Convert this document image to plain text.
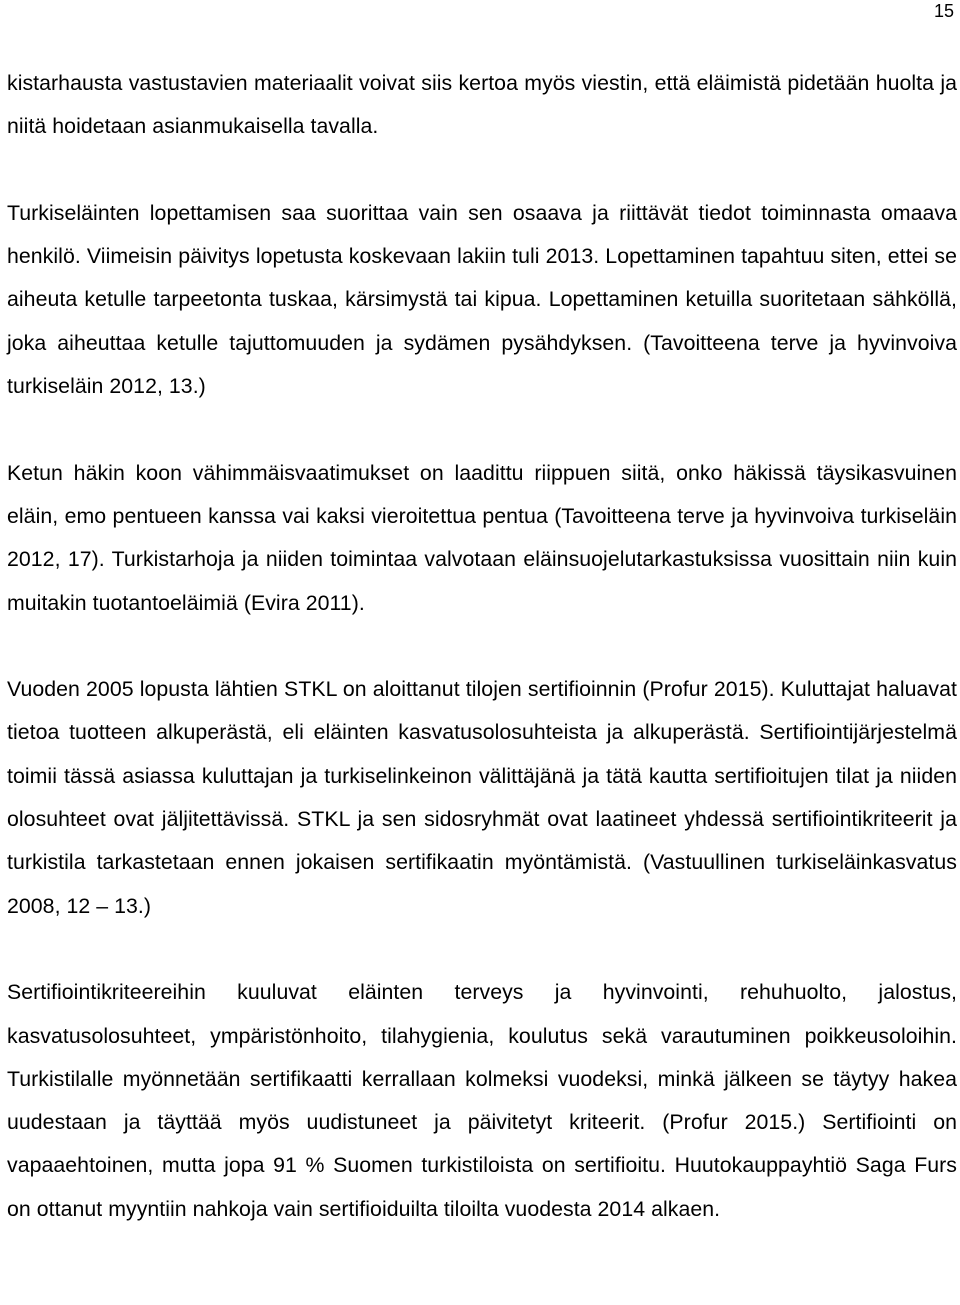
15

kistarhausta vastustavien materiaalit voivat siis kertoa myös viestin, että eläimistä pidetään huolta ja niitä hoidetaan asianmukaisella tavalla.

Turkiseläinten lopettamisen saa suorittaa vain sen osaava ja riittävät tiedot toiminnasta omaava henkilö. Viimeisin päivitys lopetusta koskevaan lakiin tuli 2013. Lopettaminen tapahtuu siten, ettei se aiheuta ketulle tarpeetonta tuskaa, kärsimystä tai kipua. Lopettaminen ketuilla suoritetaan sähköllä, joka aiheuttaa ketulle tajuttomuuden ja sydämen pysähdyksen. (Tavoitteena terve ja hyvinvoiva turkiseläin 2012, 13.)

Ketun häkin koon vähimmäisvaatimukset on laadittu riippuen siitä, onko häkissä täysikasvuinen eläin, emo pentueen kanssa vai kaksi vieroitettua pentua (Tavoitteena terve ja hyvinvoiva turkiseläin 2012, 17). Turkistarhoja ja niiden toimintaa valvotaan eläinsuojelutarkastuksissa vuosittain niin kuin muitakin tuotantoeläimiä (Evira 2011).

Vuoden 2005 lopusta lähtien STKL on aloittanut tilojen sertifioinnin (Profur 2015). Kuluttajat haluavat tietoa tuotteen alkuperästä, eli eläinten kasvatusolosuhteista ja alkuperästä. Sertifiointijärjestelmä toimii tässä asiassa kuluttajan ja turkiselinkeinon välittäjänä ja tätä kautta sertifioitujen tilat ja niiden olosuhteet ovat jäljitettävissä. STKL ja sen sidosryhmät ovat laatineet yhdessä sertifiointikriteerit ja turkistila tarkastetaan ennen jokaisen sertifikaatin myöntämistä. (Vastuullinen turkiseläinkasvatus 2008, 12 – 13.)

Sertifiointikriteereihin kuuluvat eläinten terveys ja hyvinvointi, rehuhuolto, jalostus, kasvatusolosuhteet, ympäristönhoito, tilahygienia, koulutus sekä varautuminen poikkeusoloihin. Turkistilalle myönnetään sertifikaatti kerrallaan kolmeksi vuodeksi, minkä jälkeen se täytyy hakea uudestaan ja täyttää myös uudistuneet ja päivitetyt kriteerit. (Profur 2015.) Sertifiointi on vapaaehtoinen, mutta jopa 91 % Suomen turkistiloista on sertifioitu. Huutokauppayhtiö Saga Furs on ottanut myyntiin nahkoja vain sertifioiduilta tiloilta vuodesta 2014 alkaen.
